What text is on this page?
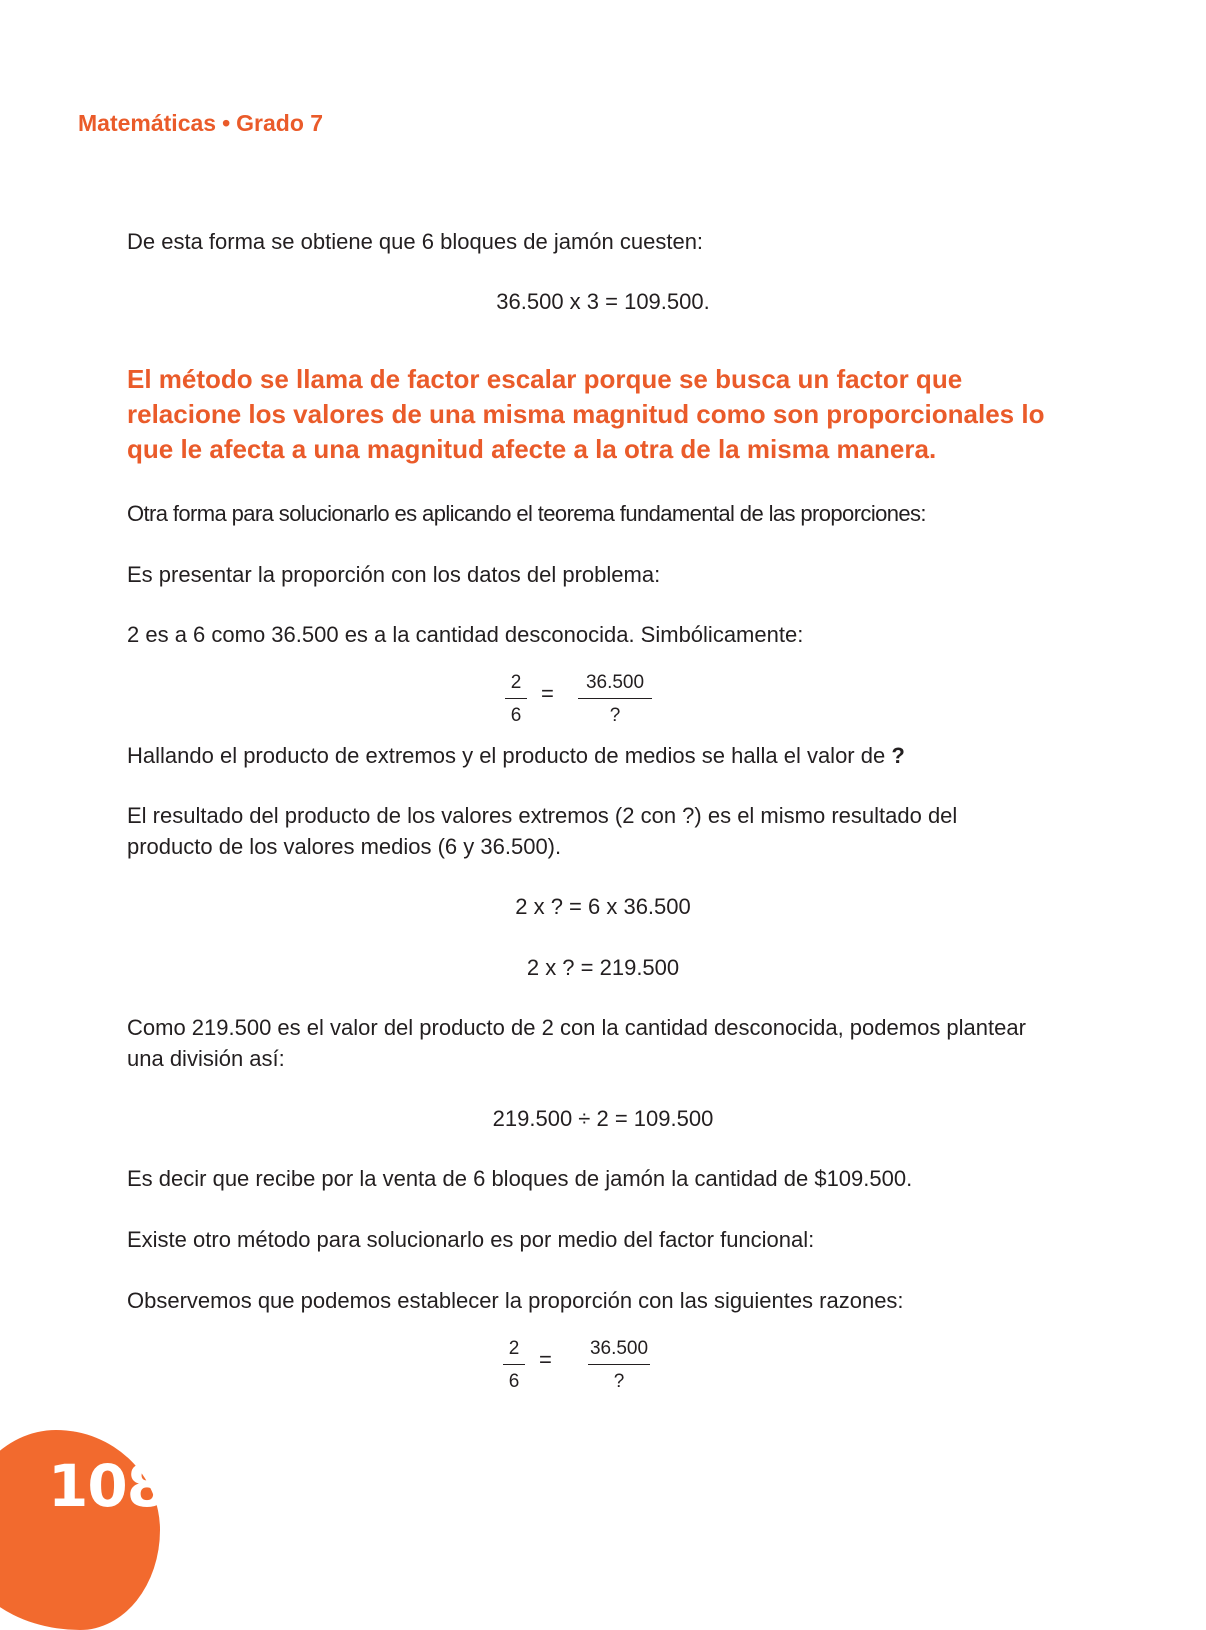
Matemáticas • Grado 7

De esta forma se obtiene que 6 bloques de jamón cuesten:

36.500 x 3 = 109.500.

El método se llama de factor escalar porque se busca un factor que relacione los valores de una misma magnitud como son proporcionales lo que le afecta a una magnitud afecte a la otra de la misma manera.

Otra forma para solucionarlo es aplicando el teorema fundamental de las proporciones:

Es presentar la proporción con los datos del problema:

2 es a 6 como 36.500 es a la cantidad desconocida. Simbólicamente:

$\frac{2}{6}$ =	36.500
?

Hallando el producto de extremos y el producto de medios se halla el valor de ?

El resultado del producto de los valores extremos (2 con ?) es el mismo resultado del producto de los valores medios (6 y 36.500).

2 x ? = 6 x 36.500
2 x ? = 219.500

Como 219.500 es el valor del producto de 2 con la cantidad desconocida, podemos plantear una división así:

219.500 ÷ 2 = 109.500

Es decir que recibe por la venta de 6 bloques de jamón la cantidad de $109.500.

Existe otro método para solucionarlo es por medio del factor funcional:

Observemos que podemos establecer la proporción con las siguientes razones:

$\frac{2}{6} = 36.500$
?
108
